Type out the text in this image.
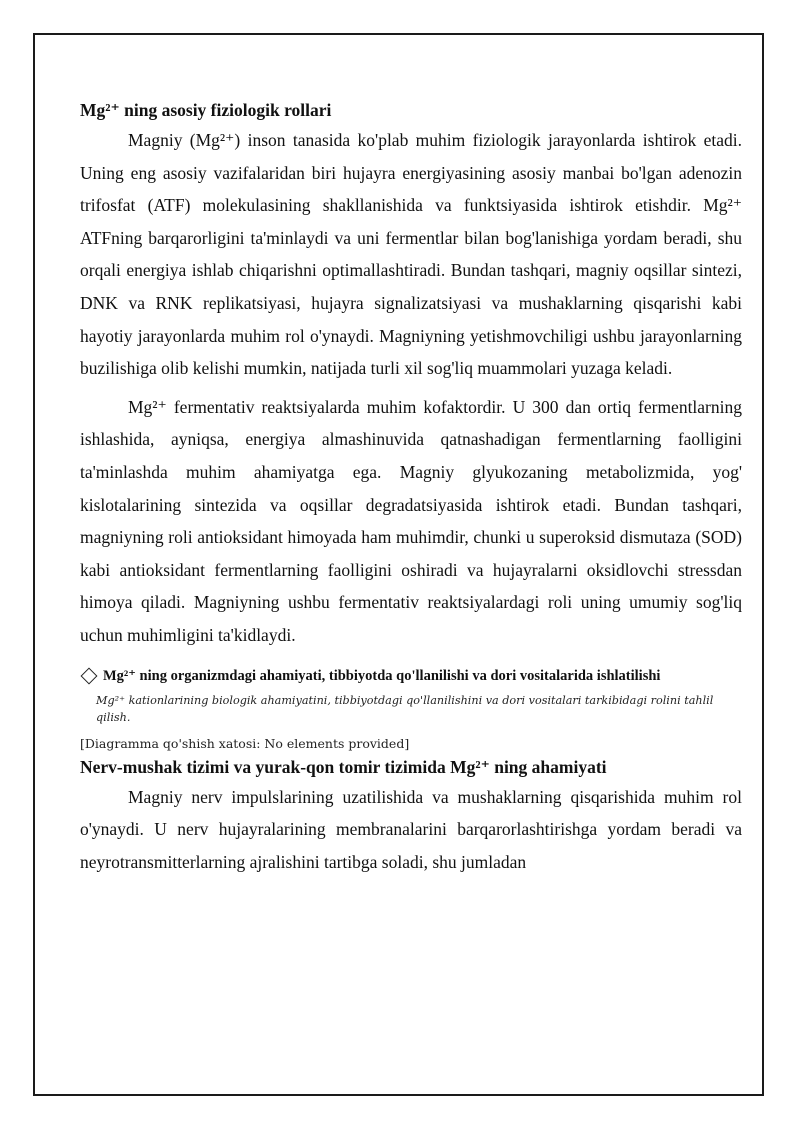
Mg²⁺ ning asosiy fiziologik rollari

Magniy (Mg²⁺) inson tanasida ko'plab muhim fiziologik jarayonlarda ishtirok etadi. Uning eng asosiy vazifalaridan biri hujayra energiyasining asosiy manbai bo'lgan adenozin trifosfat (ATF) molekulasining shakllanishida va funktsiyasida ishtirok etishdir. Mg²⁺ ATFning barqarorligini ta'minlaydi va uni fermentlar bilan bog'lanishiga yordam beradi, shu orqali energiya ishlab chiqarishni optimallashtiradi. Bundan tashqari, magniy oqsillar sintezi, DNK va RNK replikatsiyasi, hujayra signalizatsiyasi va mushaklarning qisqarishi kabi hayotiy jarayonlarda muhim rol o'ynaydi. Magniyning yetishmovchiligi ushbu jarayonlarning buzilishiga olib kelishi mumkin, natijada turli xil sog'liq muammolari yuzaga keladi.

Mg²⁺ fermentativ reaktsiyalarda muhim kofaktordir. U 300 dan ortiq fermentlarning ishlashida, ayniqsa, energiya almashinuvida qatnashadigan fermentlarning faolligini ta'minlashda muhim ahamiyatga ega. Magniy glyukozaning metabolizmida, yog' kislotalarining sintezida va oqsillar degradatsiyasida ishtirok etadi. Bundan tashqari, magniyning roli antioksidant himoyada ham muhimdir, chunki u superoksid dismutaza (SOD) kabi antioksidant fermentlarning faolligini oshiradi va hujayralarni oksidlovchi stressdan himoya qiladi. Magniyning ushbu fermentativ reaktsiyalardagi roli uning umumiy sog'liq uchun muhimligini ta'kidlaydi.

Mg²⁺ ning organizmdagi ahamiyati, tibbiyotda qo'llanilishi va dori vositalarida ishlatilishi

Mg²⁺ kationlarining biologik ahamiyatini, tibbiyotdagi qo'llanilishini va dori vositalari tarkibidagi rolini tahlil qilish.

[Diagramma qo'shish xatosi: No elements provided]

Nerv-mushak tizimi va yurak-qon tomir tizimida Mg²⁺ ning ahamiyati

Magniy nerv impulslarining uzatilishida va mushaklarning qisqarishida muhim rol o'ynaydi. U nerv hujayralarining membranalarini barqarorlashtirishga yordam beradi va neyrotransmitterlarning ajralishini tartibga soladi, shu jumladan
